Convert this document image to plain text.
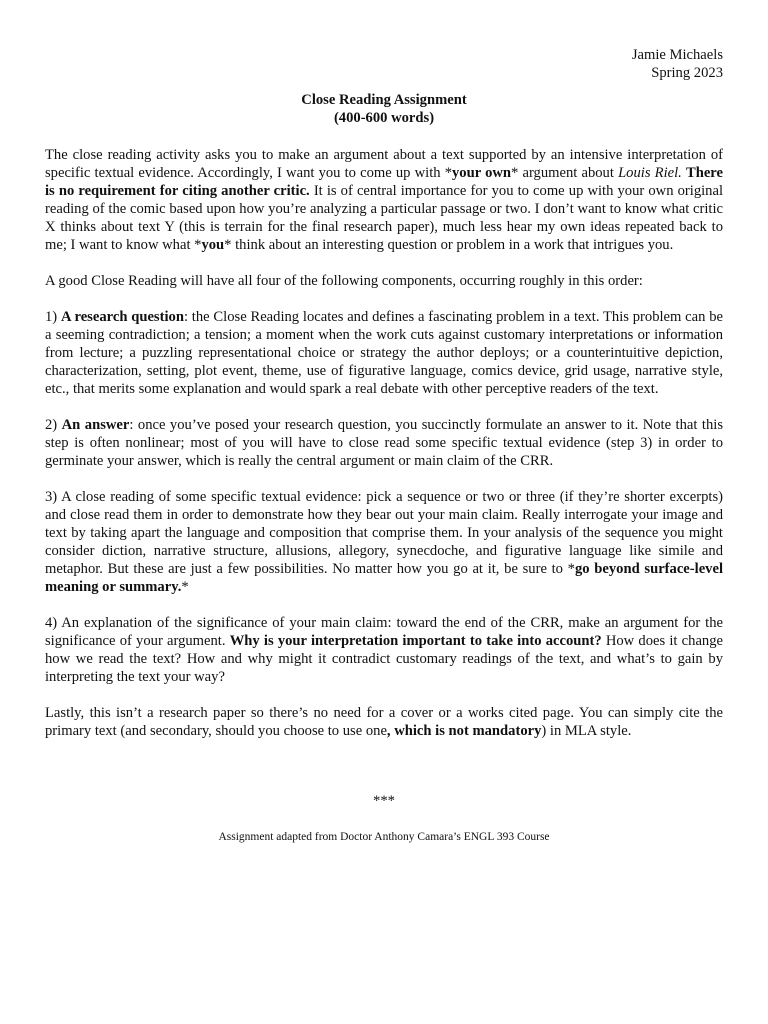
Jamie Michaels
Spring 2023
Close Reading Assignment
(400-600 words)

The close reading activity asks you to make an argument about a text supported by an intensive interpretation of specific textual evidence. Accordingly, I want you to come up with *your own* argument about Louis Riel. There is no requirement for citing another critic. It is of central importance for you to come up with your own original reading of the comic based upon how you’re analyzing a particular passage or two. I don’t want to know what critic X thinks about text Y (this is terrain for the final research paper), much less hear my own ideas repeated back to me; I want to know what *you* think about an interesting question or problem in a work that intrigues you.

A good Close Reading will have all four of the following components, occurring roughly in this order:

1) A research question: the Close Reading locates and defines a fascinating problem in a text. This problem can be a seeming contradiction; a tension; a moment when the work cuts against customary interpretations or information from lecture; a puzzling representational choice or strategy the author deploys; or a counterintuitive depiction, characterization, setting, plot event, theme, use of figurative language, comics device, grid usage, narrative style, etc., that merits some explanation and would spark a real debate with other perceptive readers of the text.

2) An answer: once you’ve posed your research question, you succinctly formulate an answer to it. Note that this step is often nonlinear; most of you will have to close read some specific textual evidence (step 3) in order to germinate your answer, which is really the central argument or main claim of the CRR.

3) A close reading of some specific textual evidence: pick a sequence or two or three (if they’re shorter excerpts) and close read them in order to demonstrate how they bear out your main claim. Really interrogate your image and text by taking apart the language and composition that comprise them. In your analysis of the sequence you might consider diction, narrative structure, allusions, allegory, synecdoche, and figurative language like simile and metaphor. But these are just a few possibilities. No matter how you go at it, be sure to *go beyond surface-level meaning or summary.*

4) An explanation of the significance of your main claim: toward the end of the CRR, make an argument for the significance of your argument. Why is your interpretation important to take into account? How does it change how we read the text? How and why might it contradict customary readings of the text, and what’s to gain by interpreting the text your way?

Lastly, this isn’t a research paper so there’s no need for a cover or a works cited page. You can simply cite the primary text (and secondary, should you choose to use one, which is not mandatory) in MLA style.

***
Assignment adapted from Doctor Anthony Camara’s ENGL 393 Course
